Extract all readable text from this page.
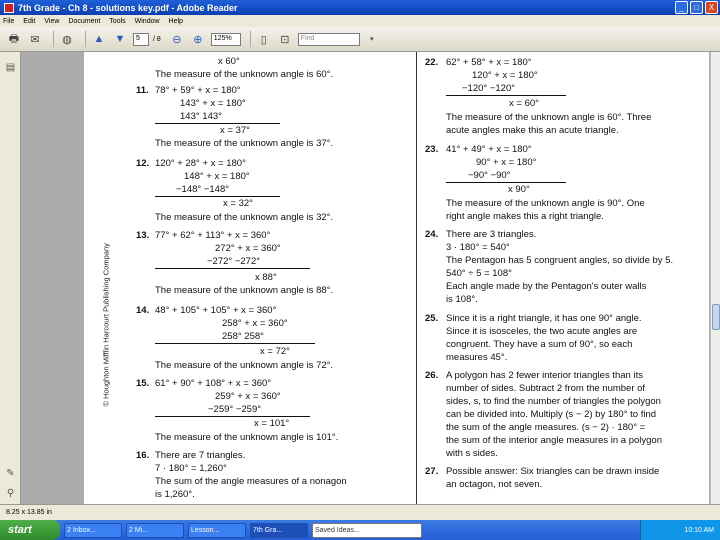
7th Grade - Ch 8 - solutions key.pdf - Adobe Reader	_	□	X
File Edit View Document Tools Window Help
🖶	✉	◍ ▲ ▼	5	/ 8	⊖	⊕	125%	▯	⊡	Find	▾
▤
✎
⚲
© Houghton Mifflin Harcourt Publishing Company
x 60°
The measure of the unknown angle is 60°.
11. 78° + 59° + x = 180°
143° + x = 180°
143° 143°
x = 37°
The measure of the unknown angle is 37°.
12. 120° + 28° + x = 180°
148° + x = 180°
−148° −148°
x = 32°
The measure of the unknown angle is 32°.
13. 77° + 62° + 113° + x = 360°
272° + x = 360°
−272° −272°
x 88°
The measure of the unknown angle is 88°.
14. 48° + 105° + 105° + x = 360°
258° + x = 360°
258° 258°
x = 72°
The measure of the unknown angle is 72°.
15. 61° + 90° + 108° + x = 360°
259° + x = 360°
−259° −259°
x = 101°
The measure of the unknown angle is 101°.
16. There are 7 triangles.
7 · 180° = 1,260°
The sum of the angle measures of a nonagon
is 1,260°.
22. 62° + 58° + x = 180°
120° + x = 180°
−120° −120°
x = 60°
The measure of the unknown angle is 60°. Three
acute angles make this an acute triangle.
23. 41° + 49° + x = 180°
90° + x = 180°
−90° −90°
x 90°
The measure of the unknown angle is 90°. One
right angle makes this a right triangle.
24. There are 3 triangles.
3 · 180° = 540°
The Pentagon has 5 congruent angles, so divide by 5.
540° ÷ 5 = 108°
Each angle made by the Pentagon's outer walls
is 108°.
25. Since it is a right triangle, it has one 90° angle.
Since it is isosceles, the two acute angles are
congruent. They have a sum of 90°, so each
measures 45°.
26. A polygon has 2 fewer interior triangles than its
number of sides. Subtract 2 from the number of
sides, s, to find the number of triangles the polygon
can be divided into. Multiply (s − 2) by 180° to find
the sum of the angle measures. (s − 2) · 180° =
the sum of the interior angle measures in a polygon
with s sides.
27. Possible answer: Six triangles can be drawn inside
an octagon, not seven.
8.25 x 13.85 in
start	2 Inbox...	2 Mi...	Lesson...	7th Gra...	Saved Ideas...	10:10 AM
